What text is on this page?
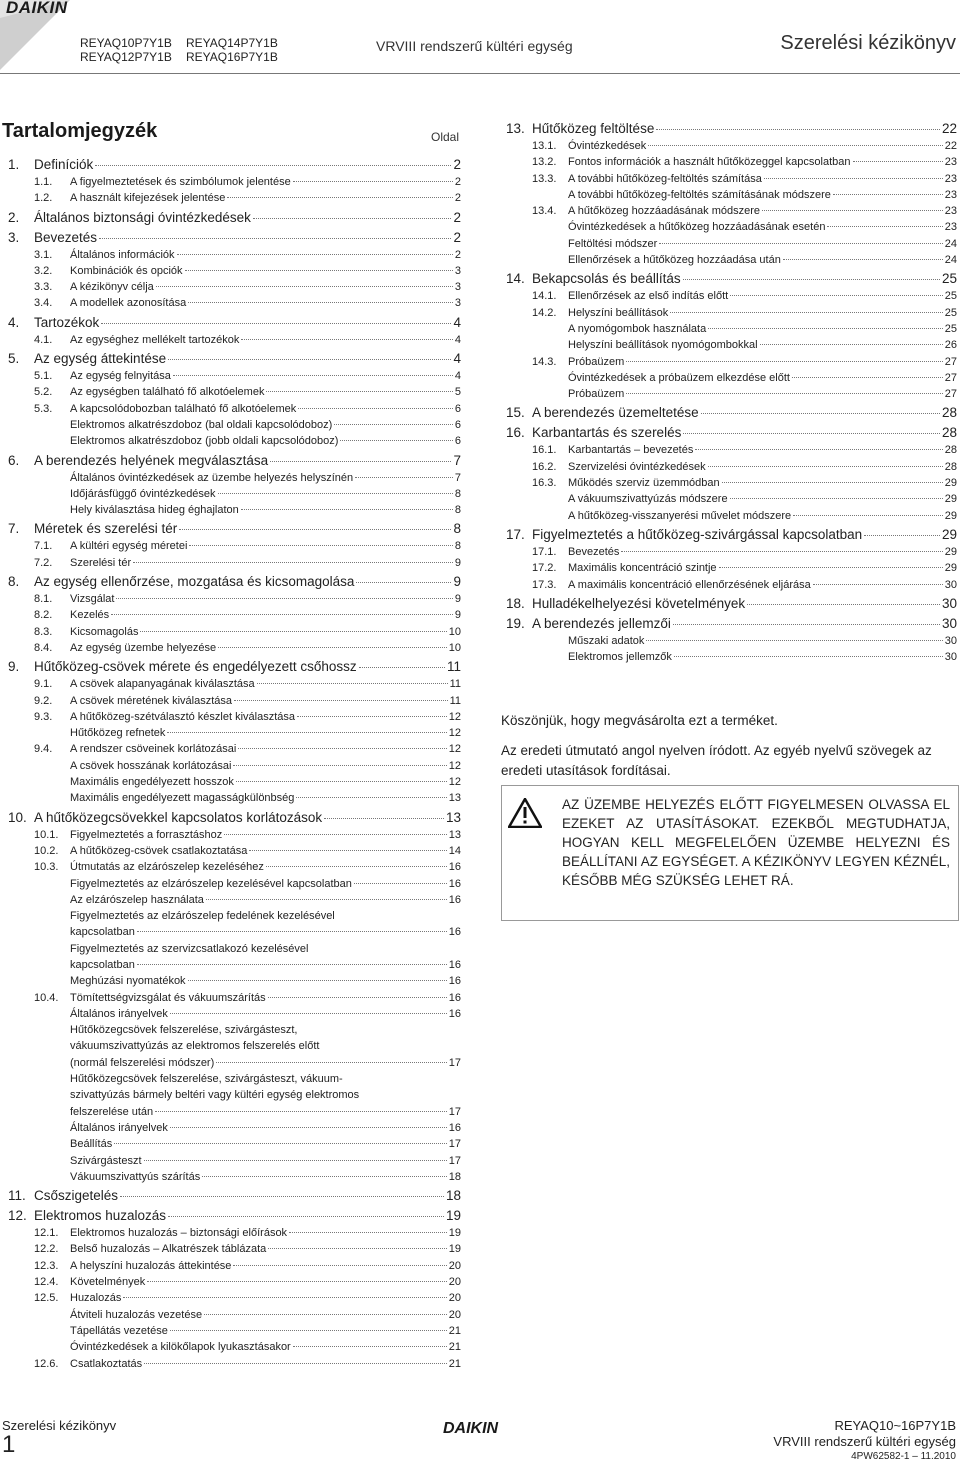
DAIKIN
REYAQ10P7Y1B
REYAQ12P7Y1B
REYAQ14P7Y1B
REYAQ16P7Y1B
VRVIII rendszerű kültéri egység	Szerelési kézikönyv
Tartalomjegyzék	Oldal
1.	Definíciók	2
1.1.	A figyelmeztetések és szimbólumok jelentése	2
1.2.	A használt kifejezések jelentése	2
2.	Általános biztonsági óvintézkedések	2
3.	Bevezetés	2
3.1.	Általános információk	2
3.2.	Kombinációk és opciók	3
3.3.	A kézikönyv célja	3
3.4.	A modellek azonosítása	3
4.	Tartozékok	4
4.1.	Az egységhez mellékelt tartozékok	4
5.	Az egység áttekintése	4
5.1.	Az egység felnyitása	4
5.2.	Az egységben található fő alkotóelemek	5
5.3.	A kapcsolódobozban található fő alkotóelemek	6
Elektromos alkatrészdoboz (bal oldali kapcsolódoboz)	6
Elektromos alkatrészdoboz (jobb oldali kapcsolódoboz)	6
6.	A berendezés helyének megválasztása	7
Általános óvintézkedések az üzembe helyezés helyszínén	7
Időjárásfüggő óvintézkedések	8
Hely kiválasztása hideg éghajlaton	8
7.	Méretek és szerelési tér	8
7.1.	A kültéri egység méretei	8
7.2.	Szerelési tér	9
8.	Az egység ellenőrzése, mozgatása és kicsomagolása	9
8.1.	Vizsgálat	9
8.2.	Kezelés	9
8.3.	Kicsomagolás	10
8.4.	Az egység üzembe helyezése	10
9.	Hűtőközeg-csövek mérete és engedélyezett csőhossz	11
9.1.	A csövek alapanyagának kiválasztása	11
9.2.	A csövek méretének kiválasztása	11
9.3.	A hűtőközeg-szétválasztó készlet kiválasztása	12
Hűtőközeg refnetek	12
9.4.	A rendszer csöveinek korlátozásai	12
A csövek hosszának korlátozásai	12
Maximális engedélyezett hosszok	12
Maximális engedélyezett magasságkülönbség	13
10. A hűtőközegcsövekkel kapcsolatos korlátozások	13
10.1.	Figyelmeztetés a forrasztáshoz	13
10.2.	A hűtőközeg-csövek csatlakoztatása	14
10.3.	Útmutatás az elzárószelep kezeléséhez	16
Figyelmeztetés az elzárószelep kezelésével kapcsolatban	16
Az elzárószelep használata	16
Figyelmeztetés az elzárószelep fedelének kezelésével
kapcsolatban	16
Figyelmeztetés az szervizcsatlakozó kezelésével
kapcsolatban	16
Meghúzási nyomatékok	16
10.4.	Tömítettségvizsgálat és vákuumszárítás	16
Általános irányelvek	16
Hűtőközegcsövek felszerelése, szivárgásteszt,
vákuumszivattyúzás az elektromos felszerelés előtt
(normál felszerelési módszer)	17
Hűtőközegcsövek felszerelése, szivárgásteszt, vákuum-
szivattyúzás bármely beltéri vagy kültéri egység elektromos
felszerelése után	17
Általános irányelvek	16
Beállítás	17
Szivárgásteszt	17
Vákuumszivattyús szárítás	18
11. Csőszigetelés	18
12. Elektromos huzalozás	19
12.1.	Elektromos huzalozás – biztonsági előírások	19
12.2.	Belső huzalozás – Alkatrészek táblázata	19
12.3.	A helyszíni huzalozás áttekintése	20
12.4.	Követelmények	20
12.5.	Huzalozás	20
Átviteli huzalozás vezetése	20
Tápellátás vezetése	21
Óvintézkedések a kilökőlapok lyukasztásakor	21
12.6.	Csatlakoztatás	21
13. Hűtőközeg feltöltése	22
13.1.	Óvintézkedések	22
13.2.	Fontos információk a használt hűtőközeggel kapcsolatban	23
13.3.	A további hűtőközeg-feltöltés számítása	23
A további hűtőközeg-feltöltés számításának módszere	23
13.4.	A hűtőközeg hozzáadásának módszere	23
Óvintézkedések a hűtőközeg hozzáadásának esetén	23
Feltöltési módszer	24
Ellenőrzések a hűtőközeg hozzáadása után	24
14. Bekapcsolás és beállítás	25
14.1.	Ellenőrzések az első indítás előtt	25
14.2.	Helyszíni beállítások	25
A nyomógombok használata	25
Helyszíni beállítások nyomógombokkal	26
14.3.	Próbaüzem	27
Óvintézkedések a próbaüzem elkezdése előtt	27
Próbaüzem	27
15. A berendezés üzemeltetése	28
16. Karbantartás és szerelés	28
16.1.	Karbantartás – bevezetés	28
16.2.	Szervizelési óvintézkedések	28
16.3.	Működés szerviz üzemmódban	29
A vákuumszivattyúzás módszere	29
A hűtőközeg-visszanyerési művelet módszere	29
17. Figyelmeztetés a hűtőközeg-szivárgással kapcsolatban	29
17.1.	Bevezetés	29
17.2.	Maximális koncentráció szintje	29
17.3.	A maximális koncentráció ellenőrzésének eljárása	30
18. Hulladékelhelyezési követelmények	30
19. A berendezés jellemzői	30
Műszaki adatok	30
Elektromos jellemzők	30
Köszönjük, hogy megvásárolta ezt a terméket.
Az eredeti útmutató angol nyelven íródott. Az egyéb nyelvű szövegek az eredeti utasítások fordításai.
AZ ÜZEMBE HELYEZÉS ELŐTT FIGYELMESEN OLVASSA EL EZEKET AZ UTASÍTÁSOKAT. EZEKBŐL MEGTUDHATJA, HOGYAN KELL MEGFELELŐEN ÜZEMBE HELYEZNI ÉS BEÁLLÍTANI AZ EGYSÉGET. A KÉZIKÖNYV LEGYEN KÉZNÉL, KÉSŐBB MÉG SZÜKSÉG LEHET RÁ.
Szerelési kézikönyv
1
DAIKIN	REYAQ10~16P7Y1B
VRVIII rendszerű kültéri egység
4PW62582-1 – 11.2010
